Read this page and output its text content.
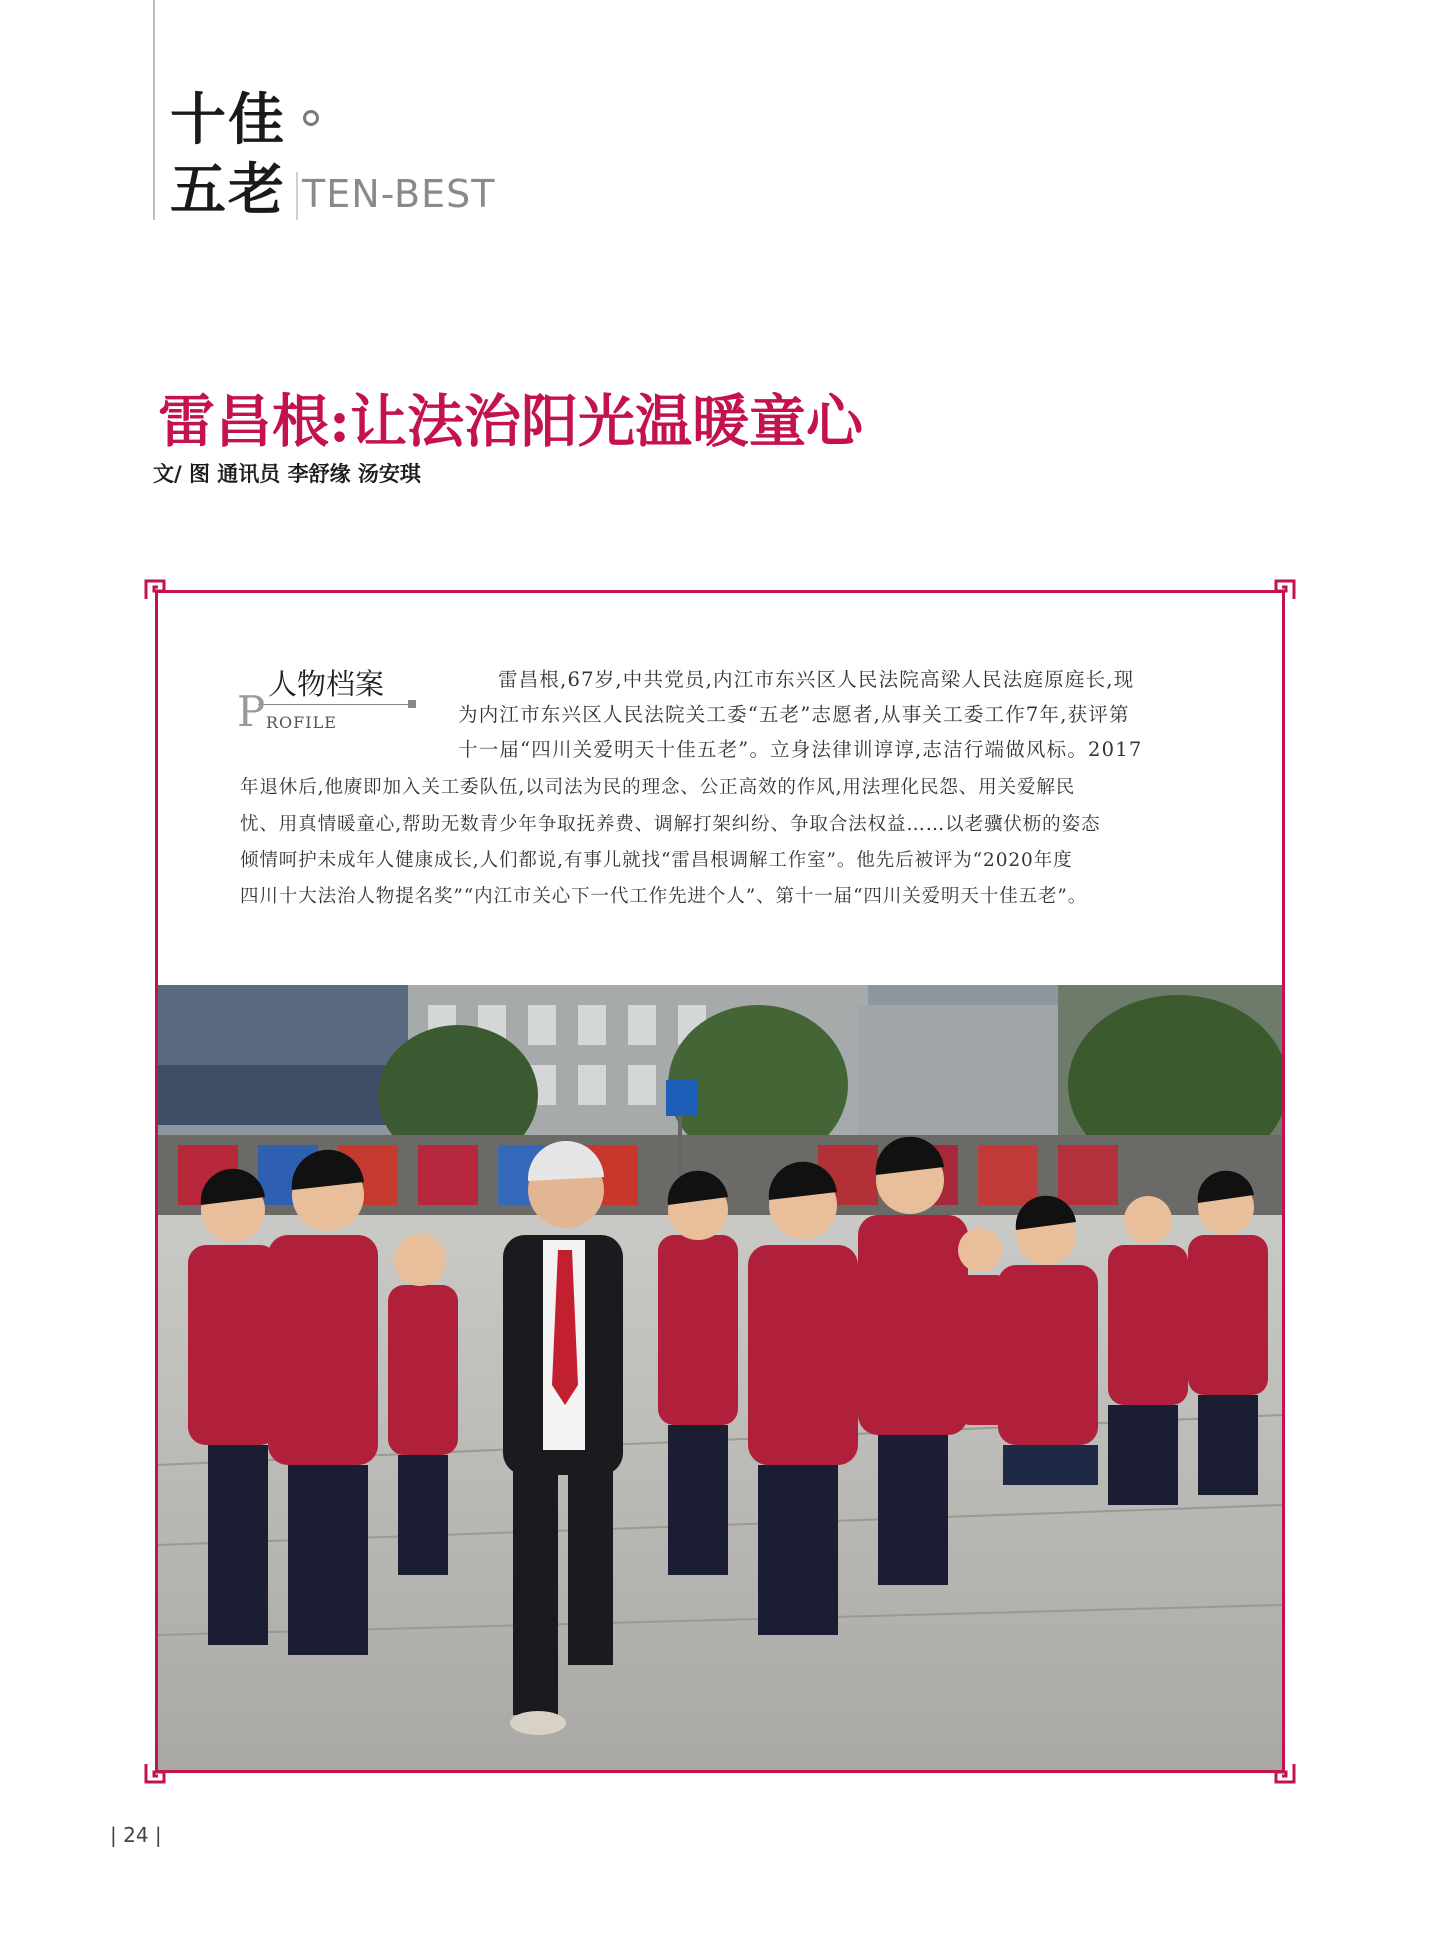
十佳
五老 TEN-BEST
雷昌根:让法治阳光温暖童心
文/ 图 通讯员 李舒缘 汤安琪
人物档案
P ROFILE
雷昌根,67岁,中共党员,内江市东兴区人民法院高梁人民法庭原庭长,现
为内江市东兴区人民法院关工委“五老”志愿者,从事关工委工作7年,获评第
十一届“四川关爱明天十佳五老”。立身法律训谆谆,志洁行端做风标。2017
年退休后,他赓即加入关工委队伍,以司法为民的理念、公正高效的作风,用法理化民怨、用关爱解民
忧、用真情暖童心,帮助无数青少年争取抚养费、调解打架纠纷、争取合法权益……以老骥伏枥的姿态
倾情呵护未成年人健康成长,人们都说,有事儿就找“雷昌根调解工作室”。他先后被评为“2020年度
四川十大法治人物提名奖”“内江市关心下一代工作先进个人”、第十一届“四川关爱明天十佳五老”。
| 24 |
